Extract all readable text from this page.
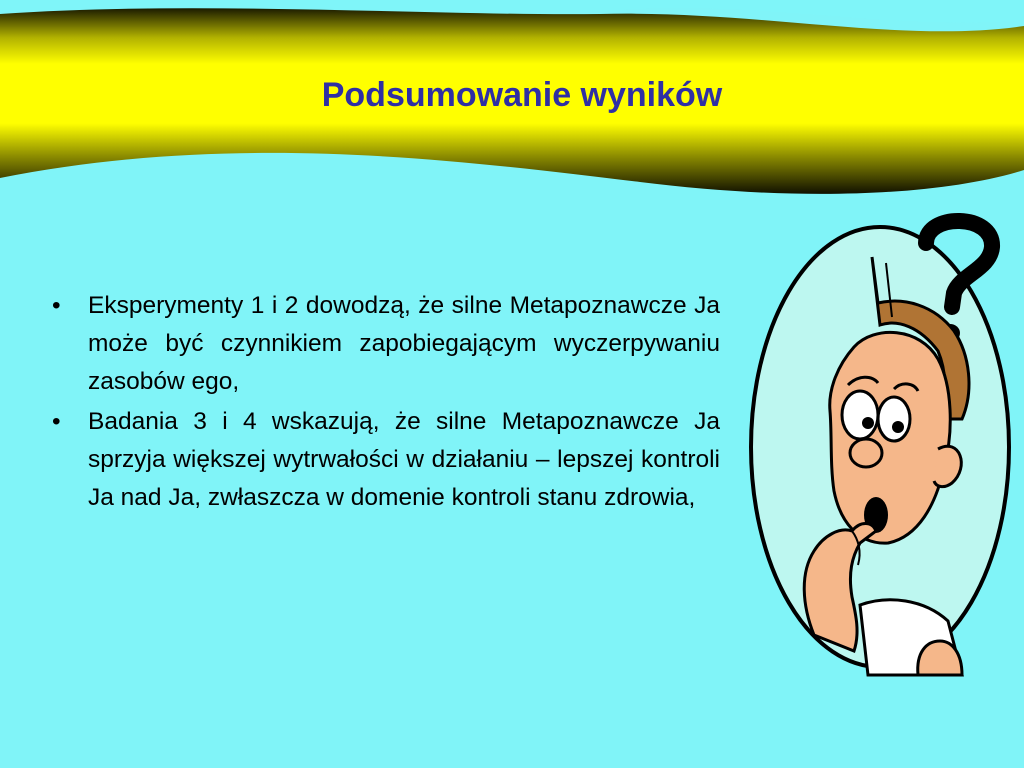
Podsumowanie wyników
• Eksperymenty 1 i 2 dowodzą, że silne Metapoznawcze Ja może być czynnikiem zapobiegającym wyczerpywaniu zasobów ego,
• Badania 3 i 4 wskazują, że silne Metapoznawcze Ja sprzyja większej wytrwałości w działaniu – lepszej kontroli Ja nad Ja, zwłaszcza w domenie kontroli stanu zdrowia,
